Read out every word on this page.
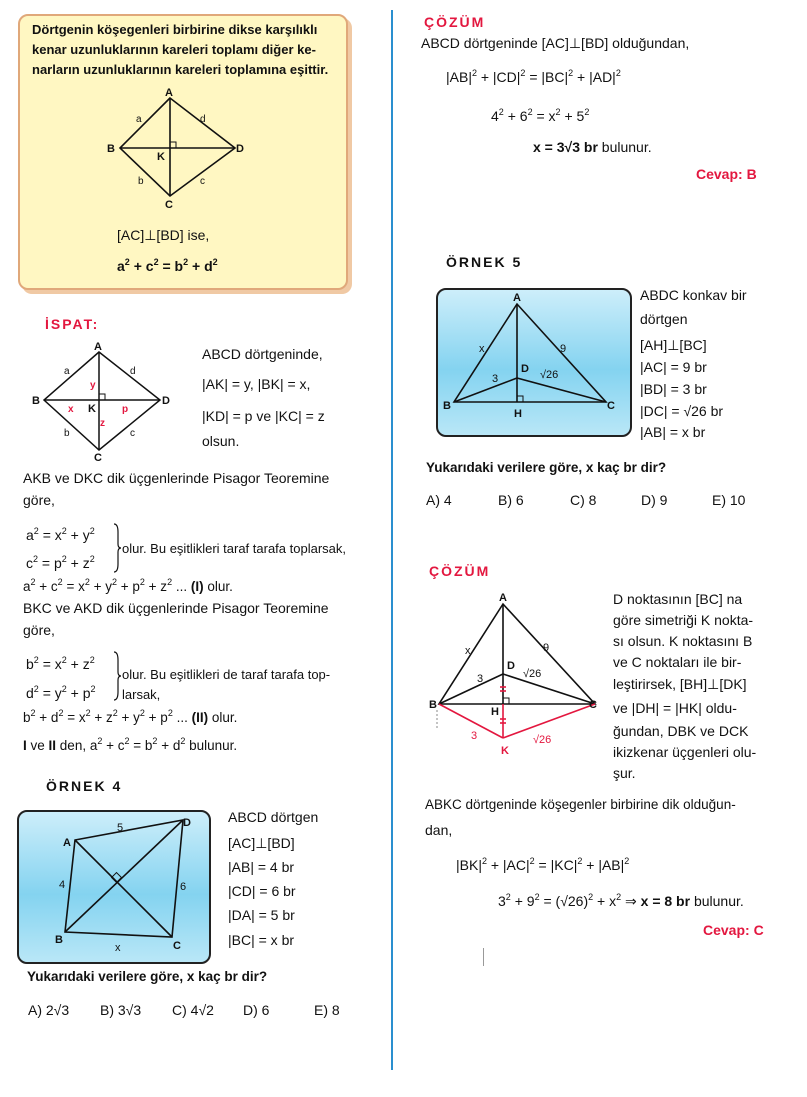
Dörtgenin köşegenleri birbirine dikse karşılıklı
kenar uzunluklarının kareleri toplamı diğer ke-
narların uzunluklarının kareleri toplamına eşittir.
A
B
C
D
K
a	d
b	c
[AC]⊥[BD] ise,
$a^2 + c^2 = b^2 + d^2$
İSPAT:
A
B
C
D
K
a	d
b	c
x
y
z
p
ABCD dörtgeninde,
|AK| = y, |BK| = x,
|KD| = p ve |KC| = z
olsun.
AKB ve DKC dik üçgenlerinde Pisagor Teoremine
göre,
$a^2 = x^2 + y^2$
$c^2 = p^2 + z^2$
olur. Bu eşitlikleri taraf tarafa toplarsak,
$a^2 + c^2 = x^2 + y^2 + p^2 + z^2$ ... (I) olur.
BKC ve AKD dik üçgenlerinde Pisagor Teoremine
göre,
$b^2 = x^2 + z^2$
$d^2 = y^2 + p^2$
olur. Bu eşitlikleri de taraf tarafa top-
larsak,
$b^2 + d^2 = x^2 + z^2 + y^2 + p^2$ ... (II) olur.
I ve II den, $a^2 + c^2 = b^2 + d^2$ bulunur.
ÖRNEK 4
A
B	C
D
5
4	6
x
ABCD dörtgen
[AC]⊥[BD]
|AB| = 4 br
|CD| = 6 br
|DA| = 5 br
|BC| = x br
Yukarıdaki verilere göre, x kaç br dir?
A) 2√3 B) 3√3 C) 4√2 D) 6	E) 8
ÇÖZÜM
ABCD dörtgeninde [AC]⊥[BD] olduğundan,
$|AB|^2 + |CD|^2 = |BC|^2 + |AD|^2$
$4^2 + 6^2 = x^2 + 5^2$
x = 3√3 br bulunur.
Cevap: B
ÖRNEK 5
A
B	C
D
H
x	9
3	√26
ABDC konkav bir
dörtgen
[AH]⊥[BC]
|AC| = 9 br
|BD| = 3 br
|DC| = √26 br
|AB| = x br
Yukarıdaki verilere göre, x kaç br dir?
A) 4	B) 6	C) 8	D) 9	E) 10
ÇÖZÜM
A
B	C
D
H
K
x	9
3	√26
3	√26
D noktasının [BC] na
göre simetriği K nokta-
sı olsun. K noktasını B
ve C noktaları ile bir-
leştirirsek, [BH]⊥[DK]
ve |DH| = |HK| oldu-
ğundan, DBK ve DCK
ikizkenar üçgenleri olu-
şur.
ABKC dörtgeninde köşegenler birbirine dik olduğun-
dan,
$|BK|^2 + |AC|^2 = |KC|^2 + |AB|^2$
$3^2 + 9^2 = (√26)^2 + x^2$ ⇒ x = 8 br bulunur.
Cevap: C
